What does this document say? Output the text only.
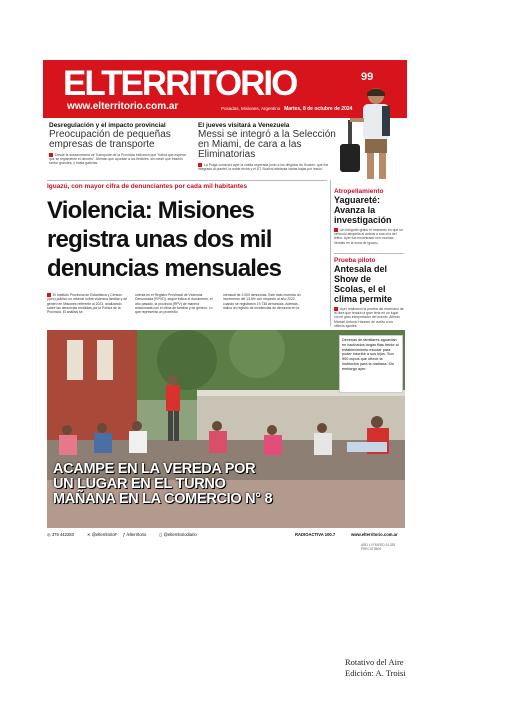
ELTERRITORIO
www.elterritorio.com.ar	Posadas, Misiones, Argentina Martes, 8 de octubre de 2024
99
Desregulación y el impacto provincial
Preocupación de pequeñas empresas de transporte
Desde la subsecretaría de Transporte de la Provincia indicaron que “habrá que esperar que se reglamente el decreto”. Afirman que apuntan a los flexibles, sin medir que fraseño sector grandes, y hasta galerías.
El jueves visitará a Venezuela
Messi se integró a la Selección en Miami, de cara a las Eliminatorias
La Pulga comenzó ayer la vuelta esperada junto a los dirigidos de Scaloni, que fue integrado al plantel, la doble fecha y el DT Scaloni adelanta varias bajas por lesión.
Iguazú, con mayor cifra de denunciantes por cada mil habitantes
Violencia: Misiones registra unas dos mil denuncias mensuales
El Instituto Provincial de Estadística y Censos (Ipec) publicó un informe sobre violencia familiar y de género en Misiones referente al 2023, analizando sobre las denuncias recibidas por la Policía de la Provincia. El análisis se
orienta en el Registro Provincial de Violencia Denunciada (RPVD), según indica el documento, el año pasado, la provincia (RPV) de manera relacionada con el clima de familiar y de género. Lo que representa un promedio
mensual de 2.000 denuncias. Este dato muestra un incremento del 13,6% con respecto al año 2022, cuando se registraron 19.736 denuncias. Además, indica un registro de incidencias de denuncia en la
Atropellamiento
Yaguareté: Avanza la investigación
Un fotógrafo grabó el momento en que un vehículo atropella al animal a una cría del felino. Ayer fue encontrado con muchas heridas en la zona de Iguazú.
Prueba piloto
Antesala del Show de Scolas, el el clima permite
Ayer realizaron la prueba del escenario de la obra que tendrá la gran feria en un lugar con el gran interpretador del evento. Alfredo Manuel Antonio Hanneri de vuelta a los últimos ajustes.
Decenas de familiares aguardan en hacinados largas filas frente al establecimiento escolar para poder inscribir a sus hijos. Son 900 cupos que ofrece la institución para la mañana. Sin embargo ayer.
ACAMPE EN LA VEREDA POR UN LUGAR EN EL TURNO MAÑANA EN LA COMERCIO N° 8
◎ 376 442283	✕ @elterritorioF ƒ /elterritorio	◻ @elterritoriodiario	RADIOACTIVA 100.7	www.elterritorio.com.ar
AÑO L N°MERO 24.339
PRECIO $600
Rotativo del Aire
Edición: A. Troisi
